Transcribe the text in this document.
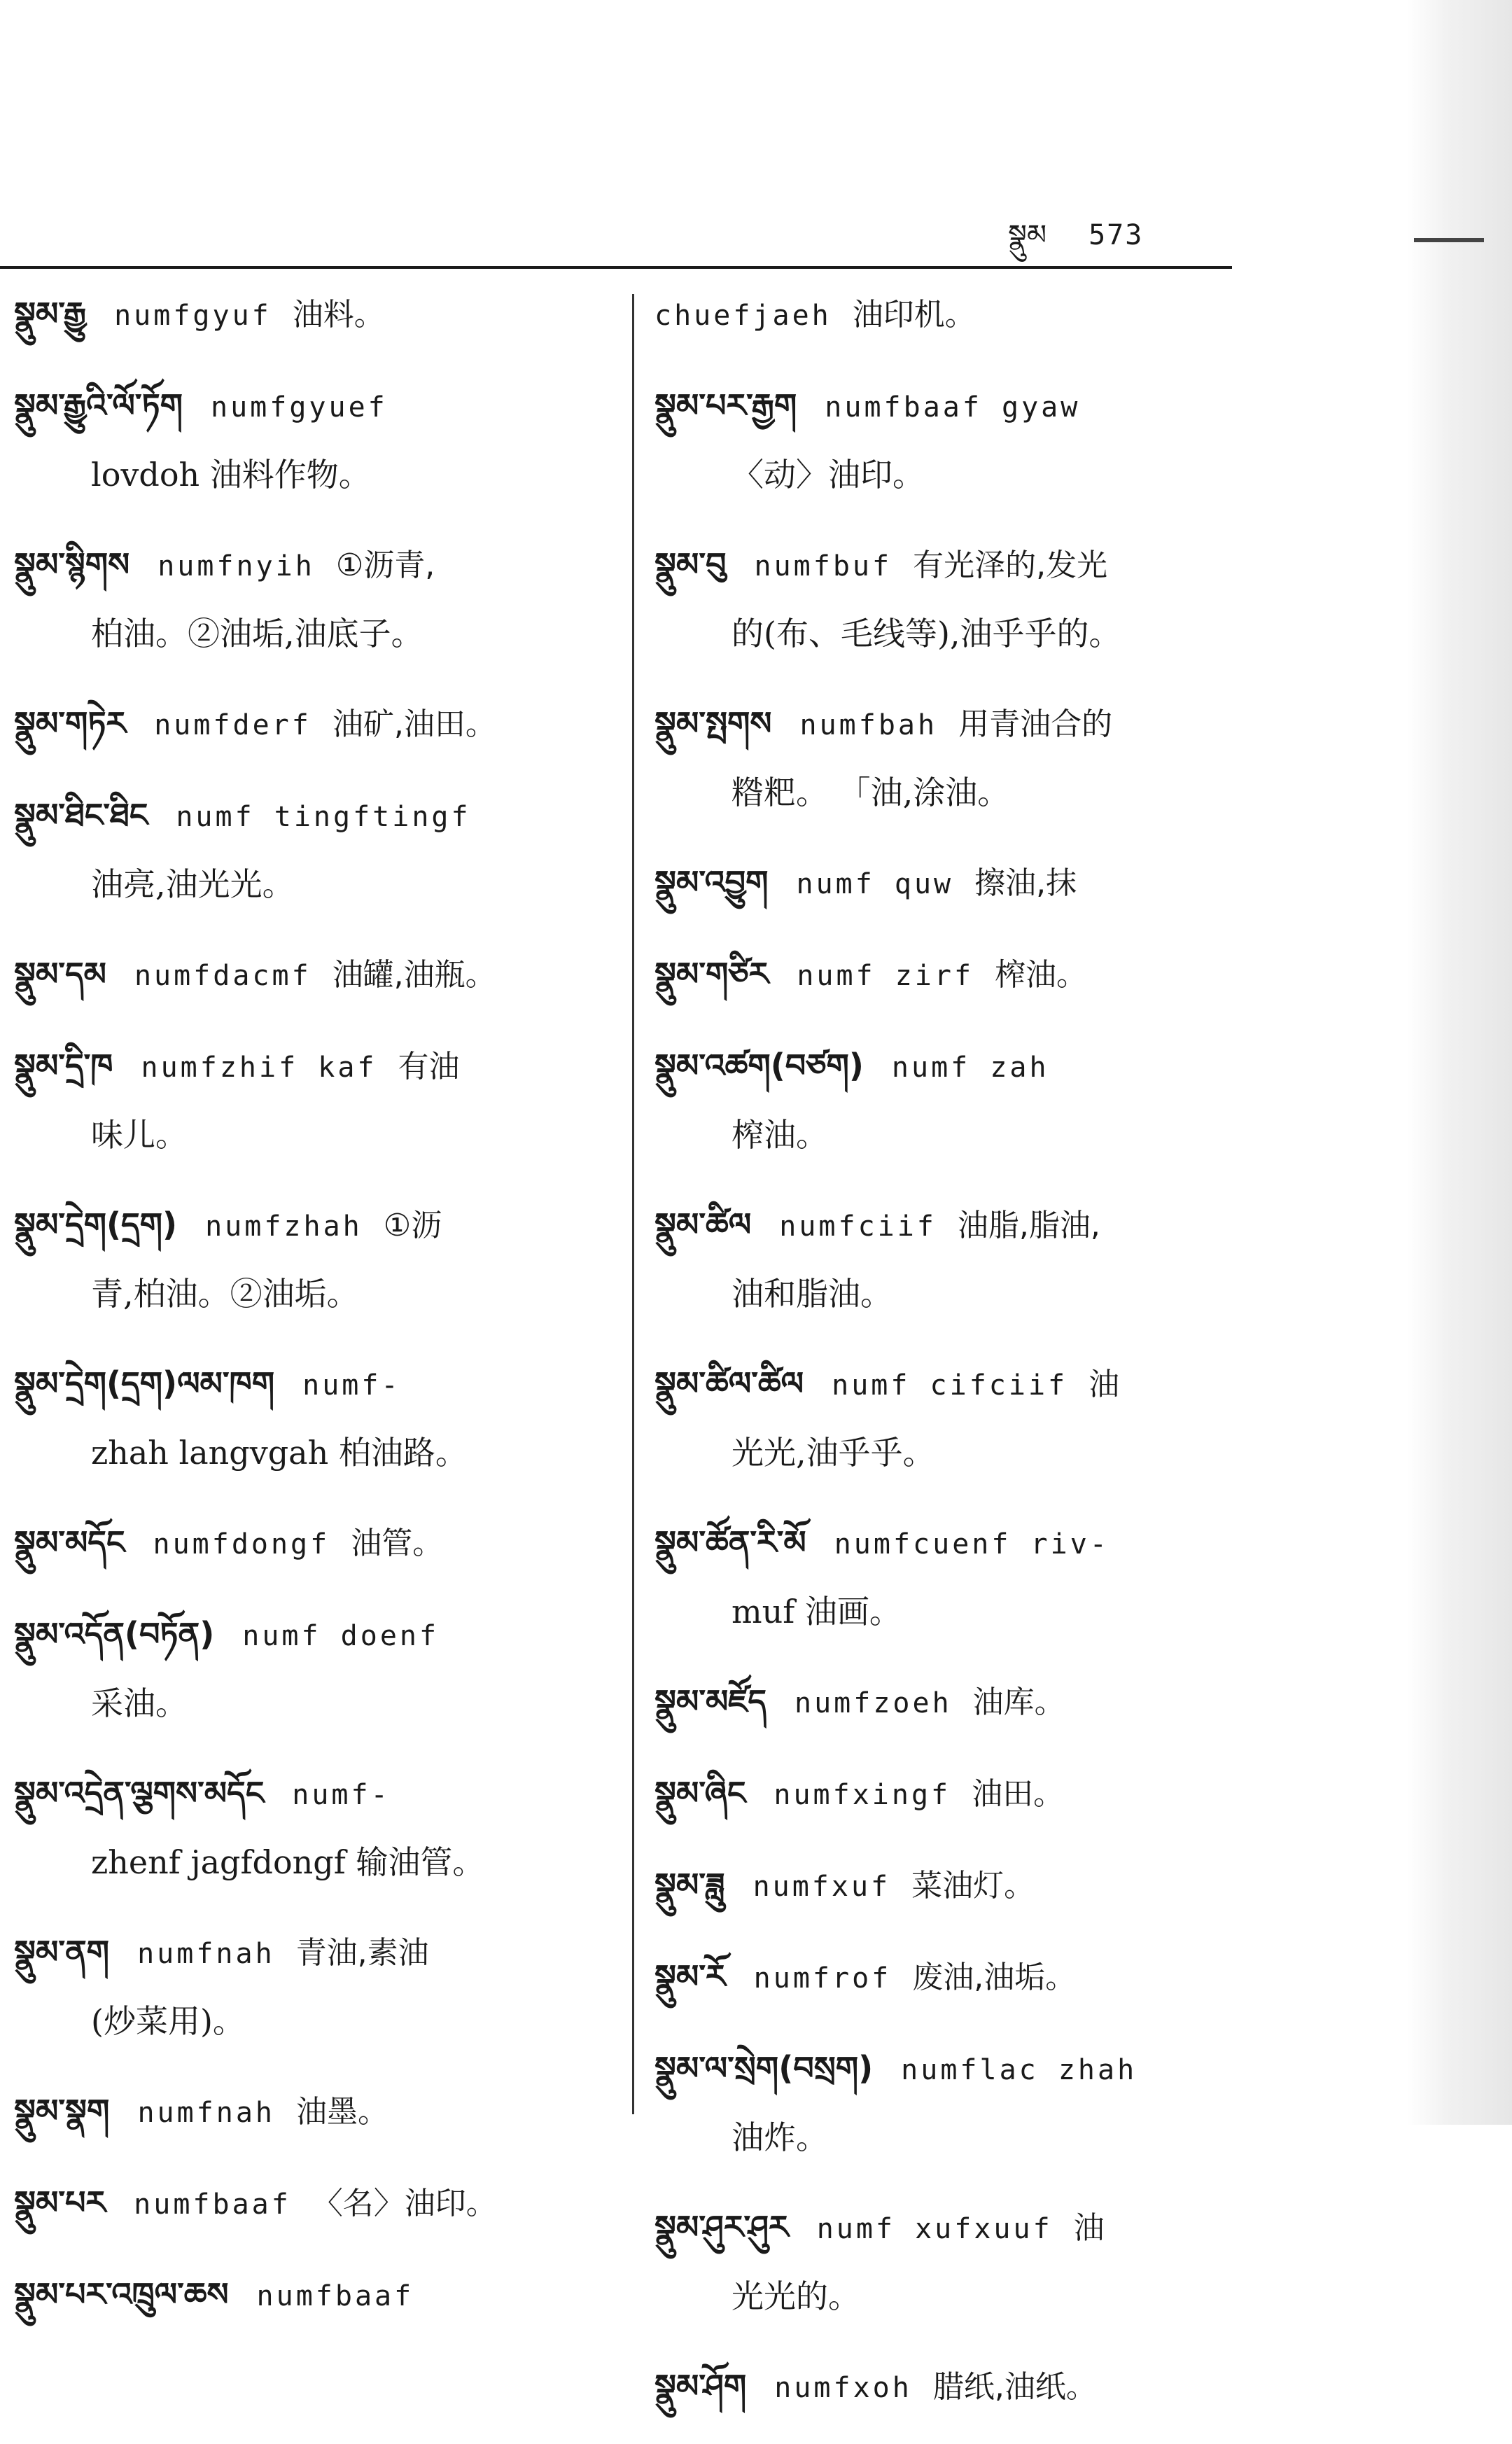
སྣུམ 573
སྣུམ་རྒྱུ numfgyuf 油料。
སྣུམ་རྒྱུའི་ལོ་ཏོག numfgyuef
lovdoh 油料作物。
སྣུམ་སྙིགས numfnyih ①沥青,
柏油。②油垢,油底子。
སྣུམ་གཏེར numfderf 油矿,油田。
སྣུམ་ཐིང་ཐིང numf tingftingf
油亮,油光光。
སྣུམ་དམ numfdacmf 油罐,油瓶。
སྣུམ་དྲི་ཁ numfzhif kaf 有油
味儿。
སྣུམ་དྲེག(དྲག) numfzhah ①沥
青,柏油。②油垢。
སྣུམ་དྲེག(དྲག)ལམ་ཁག numf-
zhah langvgah 柏油路。
སྣུམ་མདོང numfdongf 油管。
སྣུམ་འདོན(བཏོན) numf doenf
采油。
སྣུམ་འདྲེན་ལྕགས་མདོང numf-
zhenf jagfdongf 输油管。
སྣུམ་ནག numfnah 青油,素油
(炒菜用)。
སྣུམ་སྣག numfnah 油墨。
སྣུམ་པར numfbaaf 〈名〉油印。
སྣུམ་པར་འཁྲུལ་ཆས numfbaaf
chuefjaeh 油印机。
སྣུམ་པར་རྒྱག numfbaaf gyaw
〈动〉油印。
སྣུམ་བུ numfbuf 有光泽的,发光
的(布、毛线等),油乎乎的。
སྣུམ་སྤགས numfbah 用青油合的
糌粑。 「油,涂油。
སྣུམ་འབྱུག numf quw 擦油,抹
སྣུམ་གཙིར numf zirf 榨油。
སྣུམ་འཚག(བཙག) numf zah
榨油。
སྣུམ་ཚིལ numfciif 油脂,脂油,
油和脂油。
སྣུམ་ཚིལ་ཚིལ numf cifciif 油
光光,油乎乎。
སྣུམ་ཚོན་རི་མོ numfcuenf riv-
muf 油画。
སྣུམ་མཛོད numfzoeh 油库。
སྣུམ་ཞིང numfxingf 油田。
སྣུམ་ཟླུ numfxuf 菜油灯。
སྣུམ་རོ numfrof 废油,油垢。
སྣུམ་ལ་སྲེག(བསྲག) numflac zhah
油炸。
སྣུམ་ཤུར་ཤུར numf xufxuuf 油
光光的。
སྣུམ་ཤོག numfxoh 腊纸,油纸。
